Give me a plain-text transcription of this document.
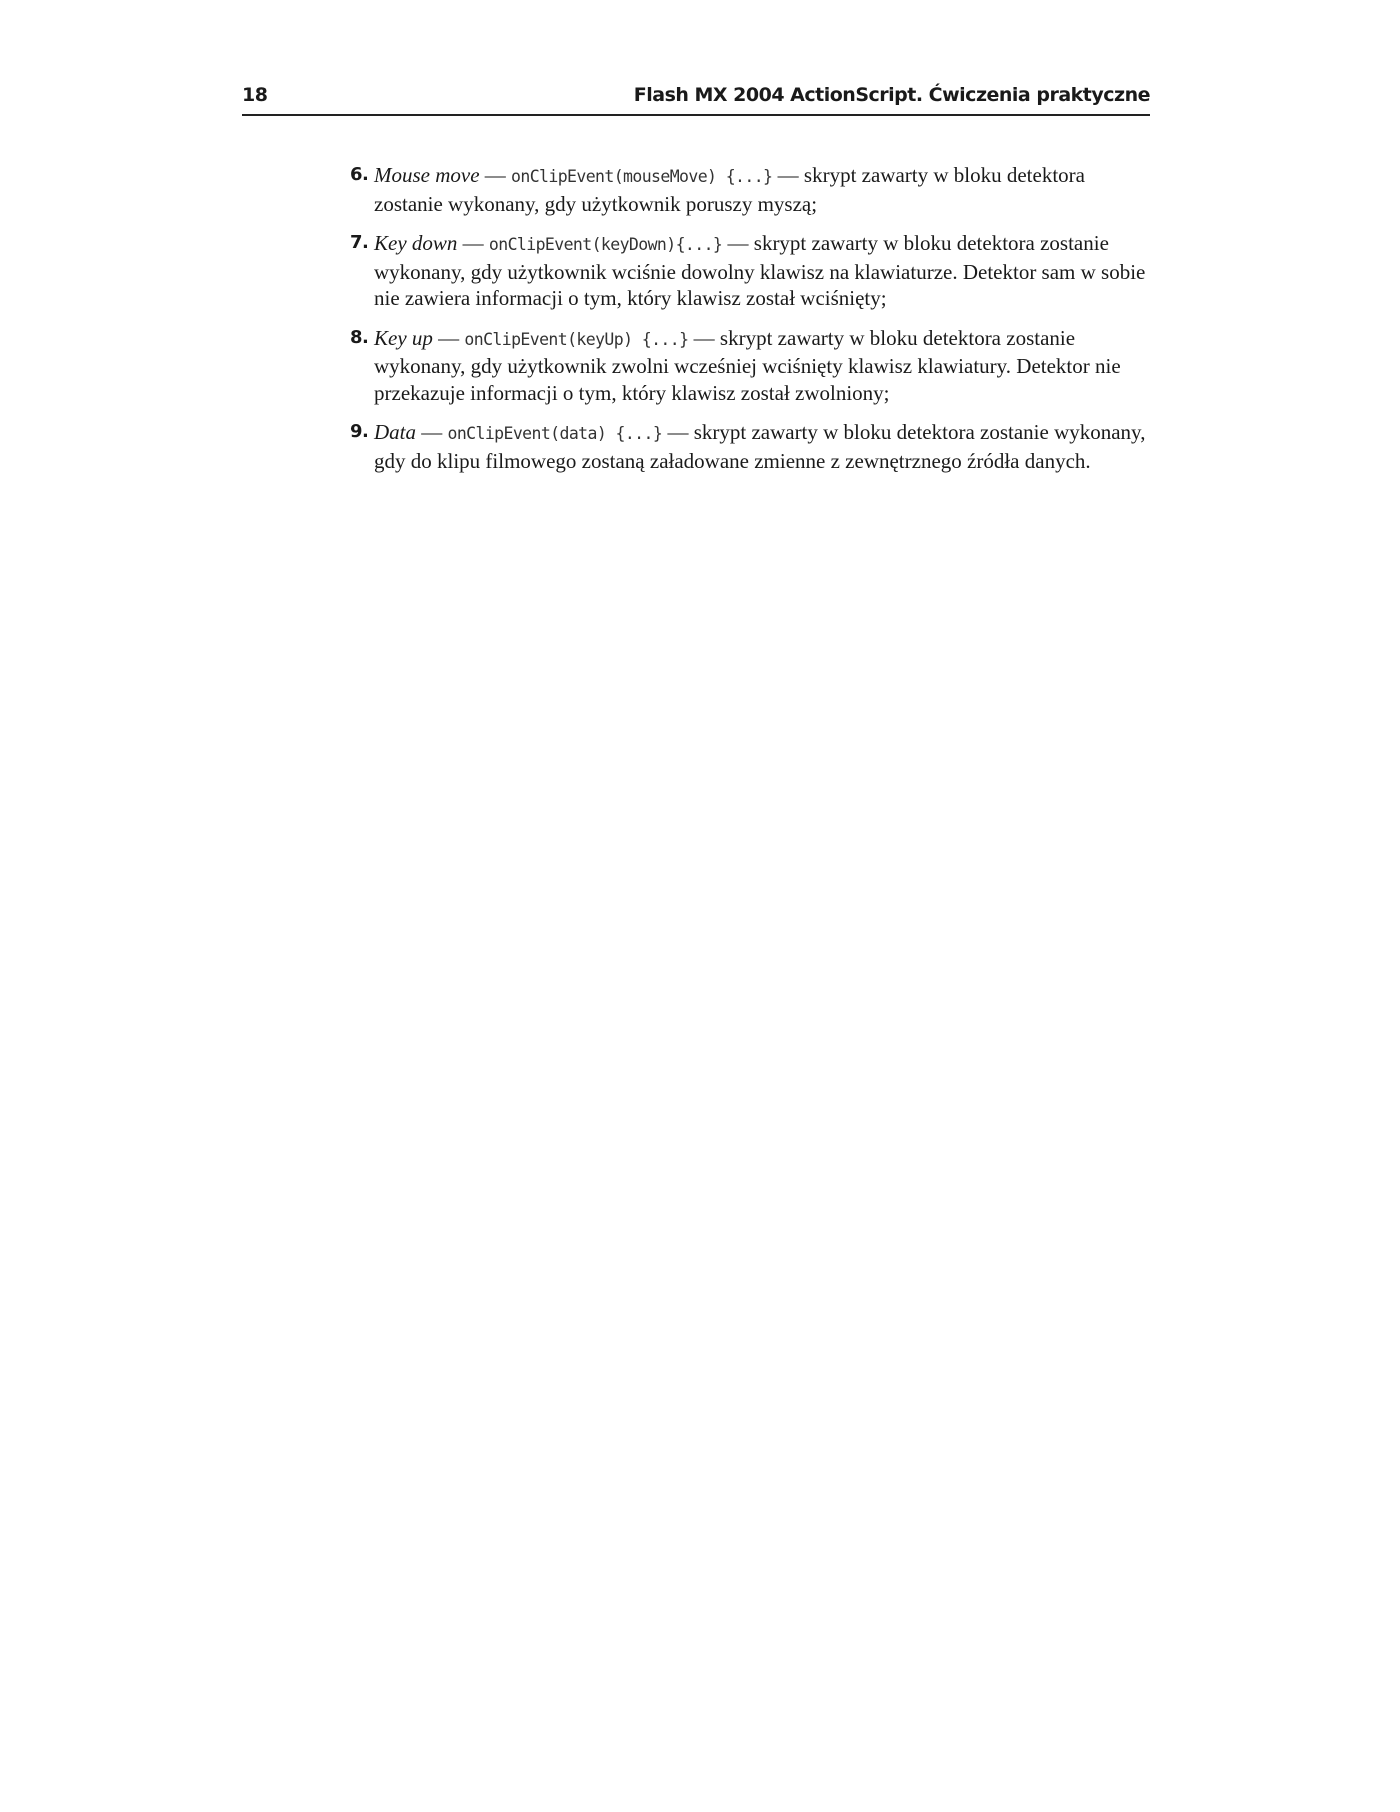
18	Flash MX 2004 ActionScript. Ćwiczenia praktyczne
6. Mouse move — onClipEvent(mouseMove) {...} — skrypt zawarty w bloku detektora zostanie wykonany, gdy użytkownik poruszy myszą;
7. Key down — onClipEvent(keyDown){...} — skrypt zawarty w bloku detektora zostanie wykonany, gdy użytkownik wciśnie dowolny klawisz na klawiaturze. Detektor sam w sobie nie zawiera informacji o tym, który klawisz został wciśnięty;
8. Key up — onClipEvent(keyUp) {...} — skrypt zawarty w bloku detektora zostanie wykonany, gdy użytkownik zwolni wcześniej wciśnięty klawisz klawiatury. Detektor nie przekazuje informacji o tym, który klawisz został zwolniony;
9. Data — onClipEvent(data) {...} — skrypt zawarty w bloku detektora zostanie wykonany, gdy do klipu filmowego zostaną załadowane zmienne z zewnętrznego źródła danych.
